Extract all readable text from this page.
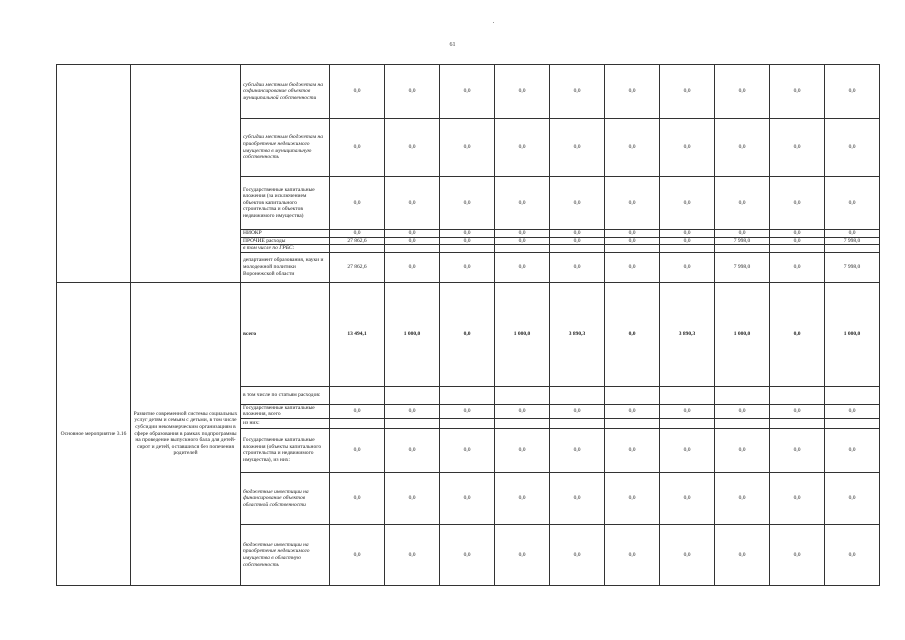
61
		субсидии местным бюджетам на софинансирование объектов муниципальной собственности	0,0	0,0	0,0	0,0	0,0	0,0	0,0	0,0	0,0	0,0
		субсидии местным бюджетам на приобретение недвижимого имущества в муниципальную собственность	0,0	0,0	0,0	0,0	0,0	0,0	0,0	0,0	0,0	0,0
		Государственные капитальные вложения (за исключением объектов капитального строительства и объектов недвижимого имущества)	0,0	0,0	0,0	0,0	0,0	0,0	0,0	0,0	0,0	0,0
		НИОКР	0,0	0,0	0,0	0,0	0,0	0,0	0,0	0,0	0,0	0,0
		ПРОЧИЕ расходы	27 862,6	0,0	0,0	0,0	0,0	0,0	0,0	7 998,0	0,0	7 998,0
		в том числе по ГРБС:										
		департамент образования, науки и молодежной политики Воронежской области	27 862,6	0,0	0,0	0,0	0,0	0,0	0,0	7 998,0	0,0	7 998,0
Основное мероприятие 3.16	Развитие современной системы социальных услуг детям и семьям с детьми, в том числе субсидии некоммерческим организациям в сфере образования в рамках подпрограммы на проведение выпускного бала для детей-сирот и детей, оставшихся без попечения родителей	всего	13 494,1	1 000,0	0,0	1 000,0	3 890,3	0,0	3 890,3	1 000,0	0,0	1 000,0
		в том числе по статьям расходов:										
		Государственные капитальные вложения, всего	0,0	0,0	0,0	0,0	0,0	0,0	0,0	0,0	0,0	0,0
		из них:										
		Государственные капитальные вложения (объекты капитального строительства и недвижимого имущества), из них:	0,0	0,0	0,0	0,0	0,0	0,0	0,0	0,0	0,0	0,0
		бюджетные инвестиции на финансирование объектов областной собственности	0,0	0,0	0,0	0,0	0,0	0,0	0,0	0,0	0,0	0,0
		бюджетные инвестиции на приобретение недвижимого имущества в областную собственность	0,0	0,0	0,0	0,0	0,0	0,0	0,0	0,0	0,0	0,0
